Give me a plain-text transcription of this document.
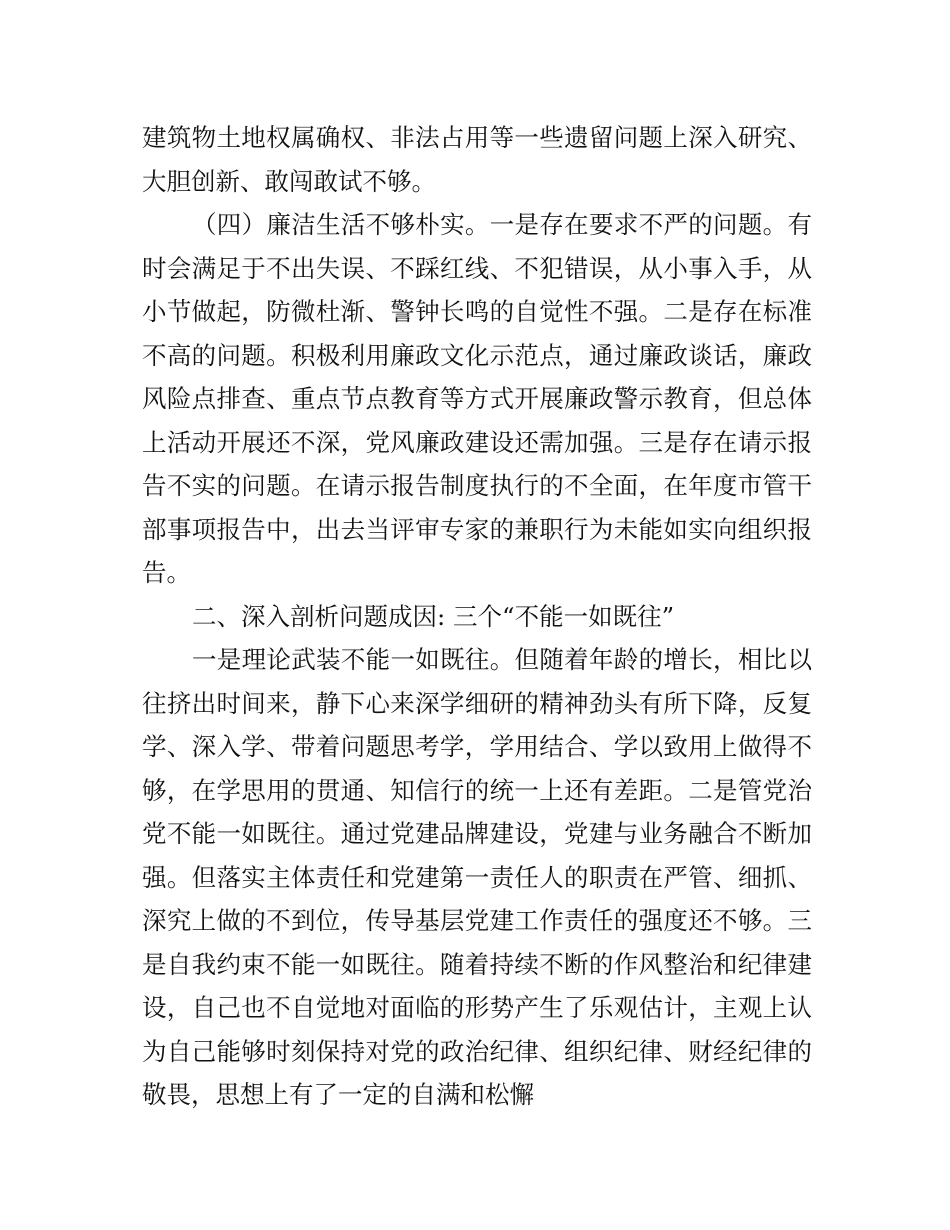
建筑物土地权属确权、非法占用等一些遗留问题上深入研究、
大胆创新、敢闯敢试不够。
（四）廉洁生活不够朴实。一是存在要求不严的问题。有
时会满足于不出失误、不踩红线、不犯错误，从小事入手，从
小节做起，防微杜渐、警钟长鸣的自觉性不强。二是存在标准
不高的问题。积极利用廉政文化示范点，通过廉政谈话，廉政
风险点排查、重点节点教育等方式开展廉政警示教育，但总体
上活动开展还不深，党风廉政建设还需加强。三是存在请示报
告不实的问题。在请示报告制度执行的不全面，在年度市管干
部事项报告中，出去当评审专家的兼职行为未能如实向组织报
告。
二、深入剖析问题成因: 三个“不能一如既往”
一是理论武装不能一如既往。但随着年龄的增长，相比以
往挤出时间来，静下心来深学细研的精神劲头有所下降，反复
学、深入学、带着问题思考学，学用结合、学以致用上做得不
够，在学思用的贯通、知信行的统一上还有差距。二是管党治
党不能一如既往。通过党建品牌建设，党建与业务融合不断加
强。但落实主体责任和党建第一责任人的职责在严管、细抓、
深究上做的不到位，传导基层党建工作责任的强度还不够。三
是自我约束不能一如既往。随着持续不断的作风整治和纪律建
设，自己也不自觉地对面临的形势产生了乐观估计，主观上认
为自己能够时刻保持对党的政治纪律、组织纪律、财经纪律的
敬畏，思想上有了一定的自满和松懈
